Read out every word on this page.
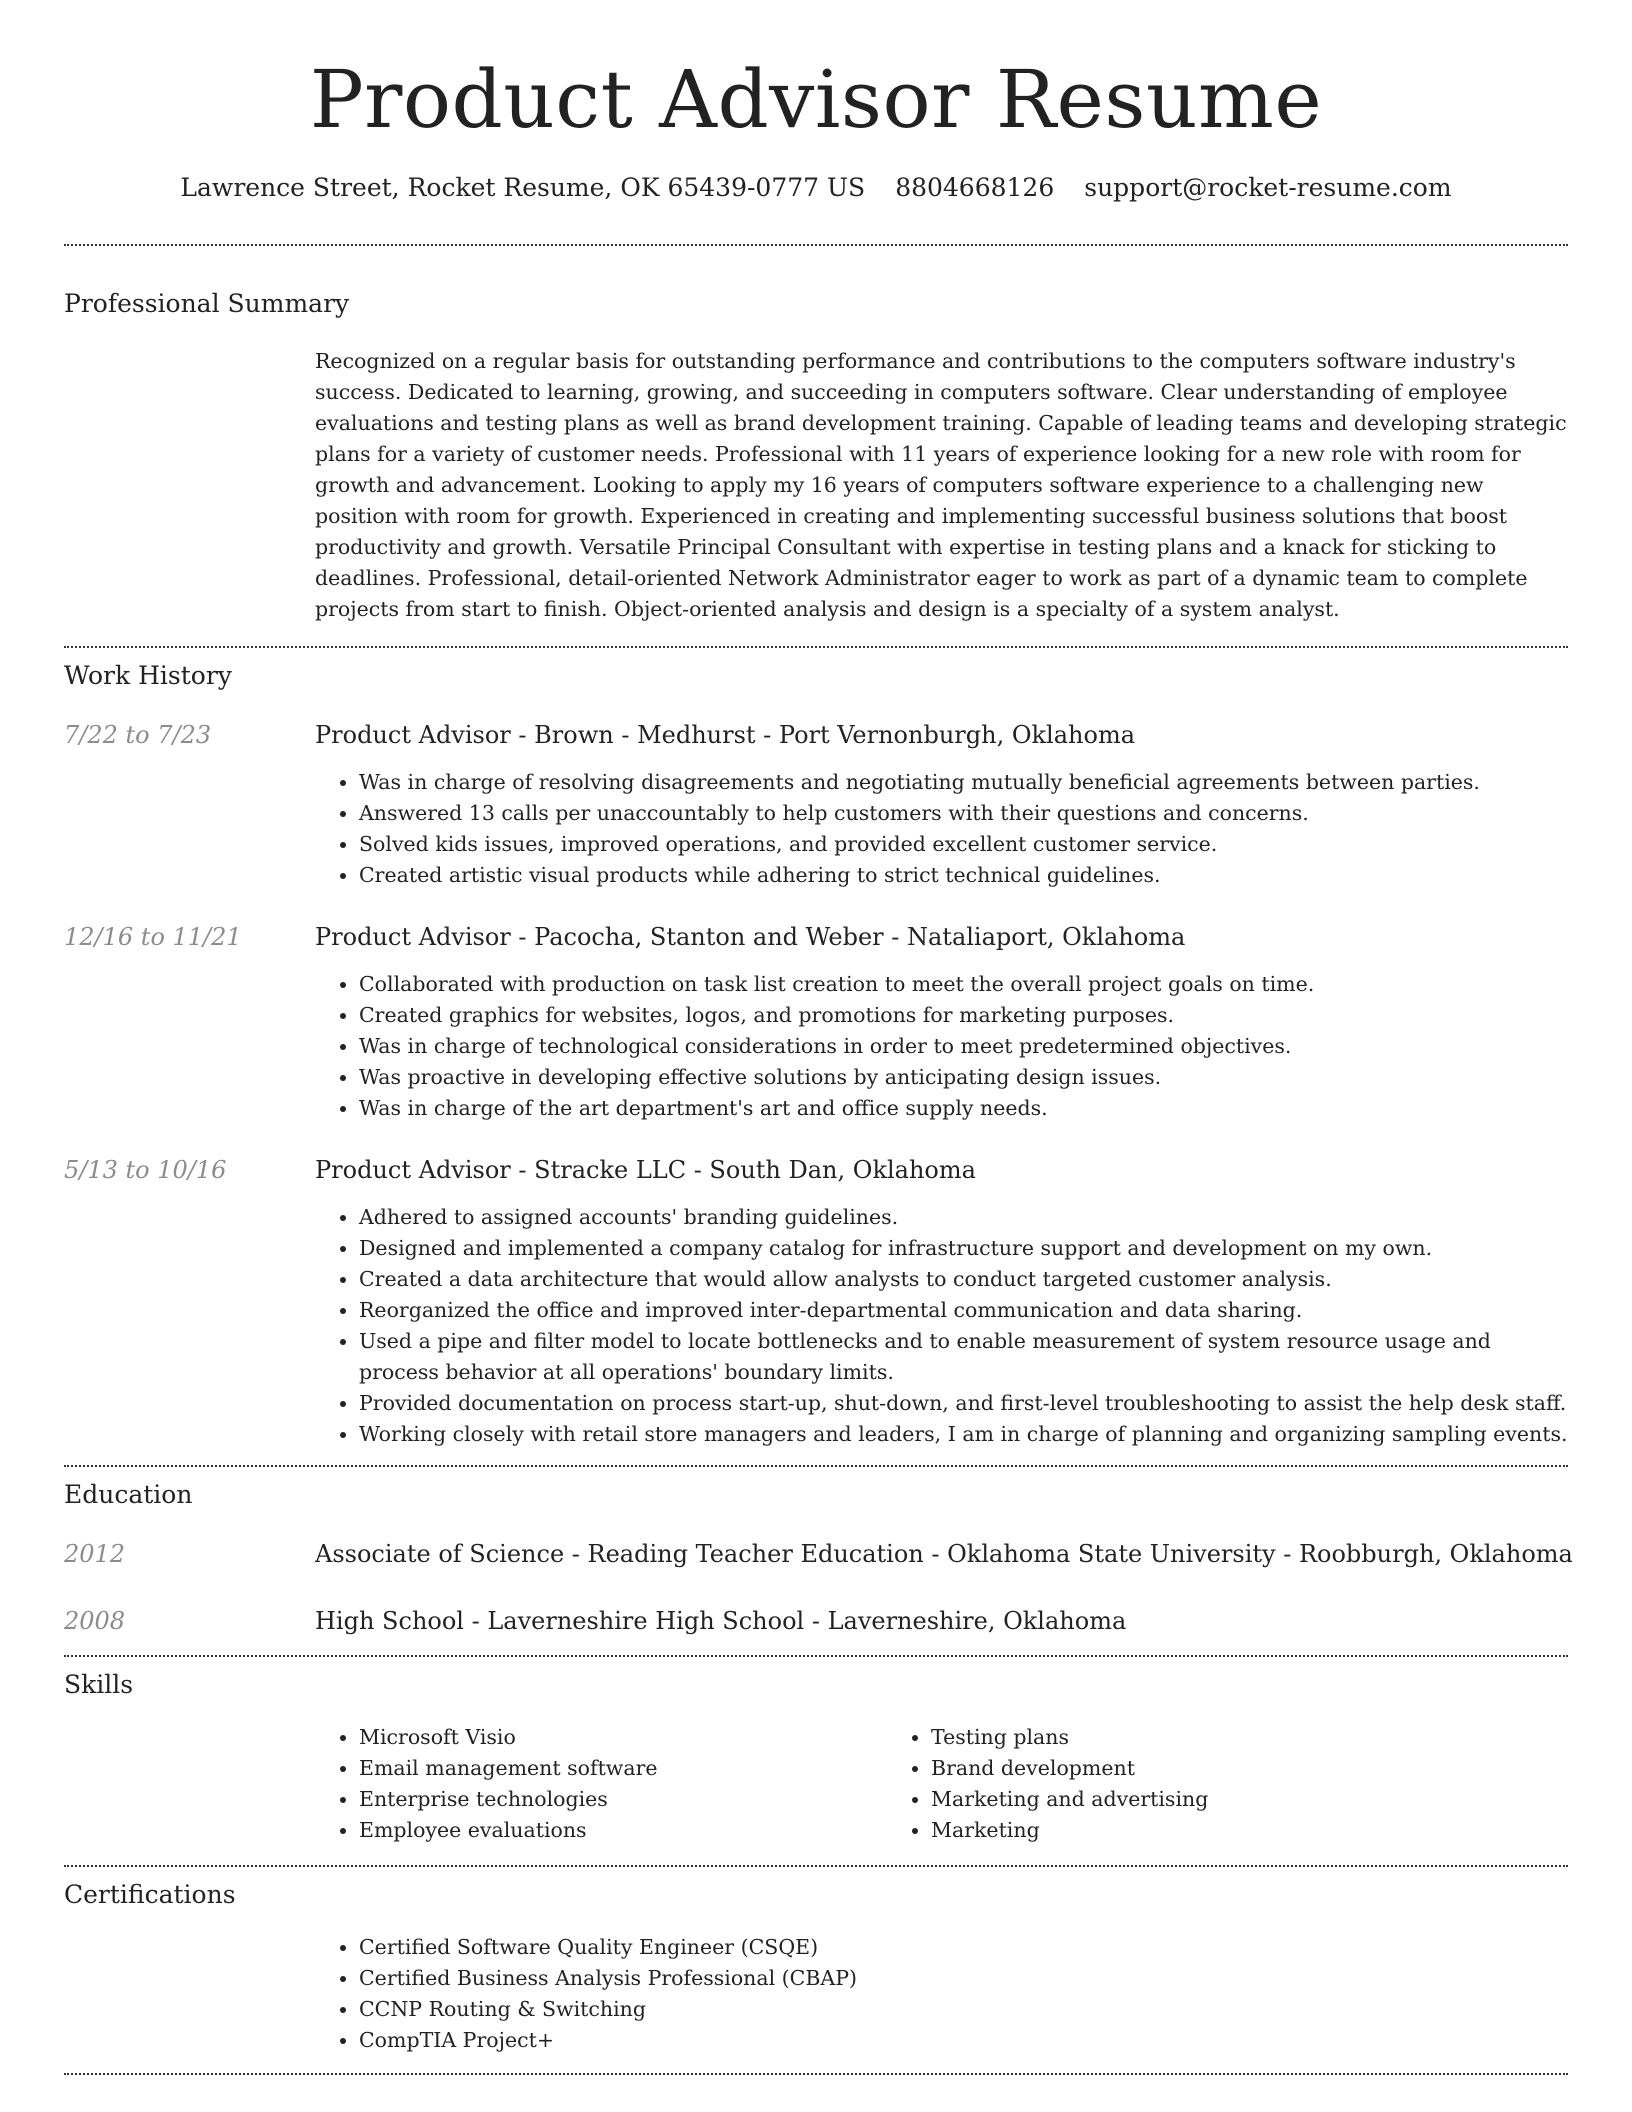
Product Advisor Resume
Lawrence Street, Rocket Resume, OK 65439-0777 US 8804668126 support@rocket-resume.com
Professional Summary
Recognized on a regular basis for outstanding performance and contributions to the computers software industry's success. Dedicated to learning, growing, and succeeding in computers software. Clear understanding of employee evaluations and testing plans as well as brand development training. Capable of leading teams and developing strategic plans for a variety of customer needs. Professional with 11 years of experience looking for a new role with room for growth and advancement. Looking to apply my 16 years of computers software experience to a challenging new position with room for growth. Experienced in creating and implementing successful business solutions that boost productivity and growth. Versatile Principal Consultant with expertise in testing plans and a knack for sticking to deadlines. Professional, detail-oriented Network Administrator eager to work as part of a dynamic team to complete projects from start to finish. Object-oriented analysis and design is a specialty of a system analyst.
Work History
7/22 to 7/23	Product Advisor - Brown - Medhurst - Port Vernonburgh, Oklahoma
• Was in charge of resolving disagreements and negotiating mutually beneficial agreements between parties.
• Answered 13 calls per unaccountably to help customers with their questions and concerns.
• Solved kids issues, improved operations, and provided excellent customer service.
• Created artistic visual products while adhering to strict technical guidelines.
12/16 to 11/21	Product Advisor - Pacocha, Stanton and Weber - Nataliaport, Oklahoma
• Collaborated with production on task list creation to meet the overall project goals on time.
• Created graphics for websites, logos, and promotions for marketing purposes.
• Was in charge of technological considerations in order to meet predetermined objectives.
• Was proactive in developing effective solutions by anticipating design issues.
• Was in charge of the art department's art and office supply needs.
5/13 to 10/16	Product Advisor - Stracke LLC - South Dan, Oklahoma
• Adhered to assigned accounts' branding guidelines.
• Designed and implemented a company catalog for infrastructure support and development on my own.
• Created a data architecture that would allow analysts to conduct targeted customer analysis.
• Reorganized the office and improved inter-departmental communication and data sharing.
• Used a pipe and filter model to locate bottlenecks and to enable measurement of system resource usage and process behavior at all operations' boundary limits.
• Provided documentation on process start-up, shut-down, and first-level troubleshooting to assist the help desk staff.
• Working closely with retail store managers and leaders, I am in charge of planning and organizing sampling events.
Education
2012	Associate of Science - Reading Teacher Education - Oklahoma State University - Roobburgh, Oklahoma
2008	High School - Laverneshire High School - Laverneshire, Oklahoma
Skills
• Microsoft Visio
• Email management software
• Enterprise technologies
• Employee evaluations
• Testing plans
• Brand development
• Marketing and advertising
• Marketing
Certifications
• Certified Software Quality Engineer (CSQE)
• Certified Business Analysis Professional (CBAP)
• CCNP Routing & Switching
• CompTIA Project+
